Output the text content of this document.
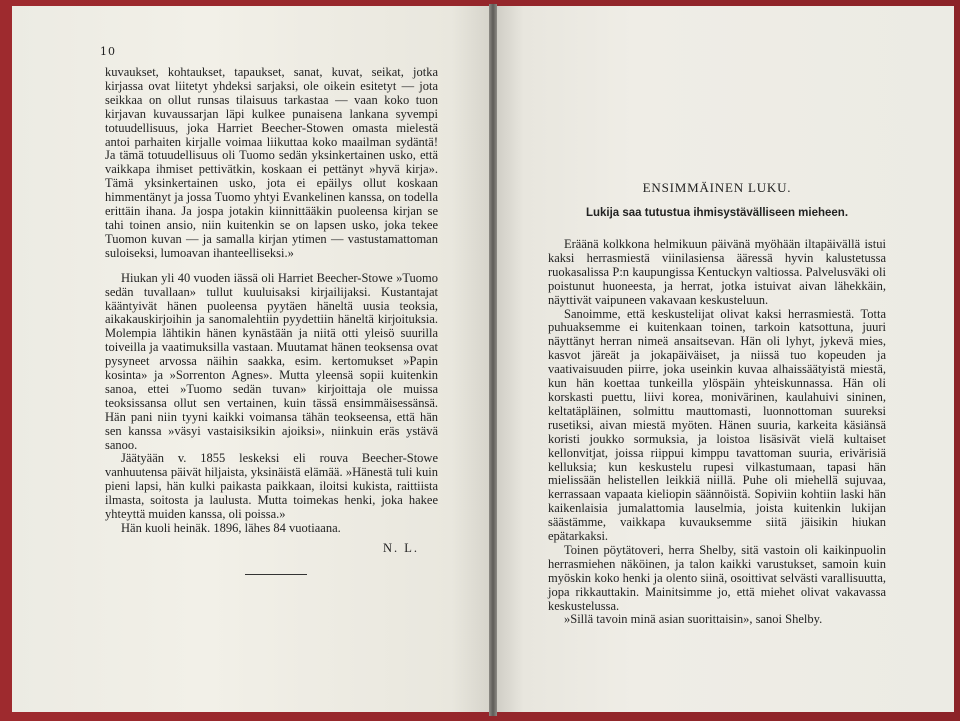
10

kuvaukset, kohtaukset, tapaukset, sanat, kuvat, seikat, jotka kirjassa ovat liitetyt yhdeksi sarjaksi, ole oikein esitetyt — jota seikkaa on ollut runsas tilaisuus tarkastaa — vaan koko tuon kirjavan kuvaussarjan läpi kulkee punaisena lankana syvempi totuudellisuus, joka Harriet Beecher-Stowen omasta mielestä antoi parhaiten kirjalle voimaa liikuttaa koko maailman sydäntä! Ja tämä totuudellisuus oli Tuomo sedän yksinkertainen usko, että vaikkapa ihmiset pettivätkin, koskaan ei pettänyt »hyvä kirja». Tämä yksinkertainen usko, jota ei epäilys ollut koskaan himmentänyt ja jossa Tuomo yhtyi Evankelinen kanssa, on todella erittäin ihana. Ja jospa jotakin kiinnittääkin puoleensa kirjan se tahi toinen ansio, niin kuitenkin se on lapsen usko, joka tekee Tuomon kuvan — ja samalla kirjan ytimen — vastustamattoman suloiseksi, lumoavan ihanteelliseksi.»

Hiukan yli 40 vuoden iässä oli Harriet Beecher-Stowe »Tuomo sedän tuvallaan» tullut kuuluisaksi kirjailijaksi. Kustantajat kääntyivät hänen puoleensa pyytäen häneltä uusia teoksia, aikakauskirjoihin ja sanomalehtiin pyydettiin häneltä kirjoituksia. Molempia lähtikin hänen kynästään ja niitä otti yleisö suurilla toiveilla ja vaatimuksilla vastaan. Muutamat hänen teoksensa ovat pysyneet arvossa näihin saakka, esim. kertomukset »Papin kosinta» ja »Sorrenton Agnes». Mutta yleensä sopii kuitenkin sanoa, ettei »Tuomo sedän tuvan» kirjoittaja ole muissa teoksissansa ollut sen vertainen, kuin tässä ensimmäisessänsä. Hän pani niin tyyni kaikki voimansa tähän teokseensa, että hän sen kanssa »väsyi vastaisiksikin ajoiksi», niinkuin eräs ystävä sanoo.

Jäätyään v. 1855 leskeksi eli rouva Beecher-Stowe vanhuutensa päivät hiljaista, yksinäistä elämää. »Hänestä tuli kuin pieni lapsi, hän kulki paikasta paikkaan, iloitsi kukista, raittiista ilmasta, soitosta ja laulusta. Mutta toimekas henki, joka hakee yhteyttä muiden kanssa, oli poissa.»

Hän kuoli heinäk. 1896, lähes 84 vuotiaana.

N. L.
ENSIMMÄINEN LUKU.
Lukija saa tutustua ihmisystävälliseen mieheen.

Eräänä kolkkona helmikuun päivänä myöhään iltapäivällä istui kaksi herrasmiestä viinilasiensa ääressä hyvin kalustetussa ruokasalissa P:n kaupungissa Kentuckyn valtiossa. Palvelusväki oli poistunut huoneesta, ja herrat, jotka istuivat aivan lähekkäin, näyttivät vaipuneen vakavaan keskusteluun.

Sanoimme, että keskustelijat olivat kaksi herrasmiestä. Totta puhuaksemme ei kuitenkaan toinen, tarkoin katsottuna, juuri näyttänyt herran nimeä ansaitsevan. Hän oli lyhyt, jykevä mies, kasvot järeät ja jokapäiväiset, ja niissä tuo kopeuden ja vaativaisuuden piirre, joka useinkin kuvaa alhaissäätyistä miestä, kun hän koettaa tunkeilla ylöspäin yhteiskunnassa. Hän oli korskasti puettu, liivi korea, monivärinen, kaulahuivi sininen, keltatäpläinen, solmittu mauttomasti, luonnottoman suureksi rusetiksi, aivan miestä myöten. Hänen suuria, karkeita käsiänsä koristi joukko sormuksia, ja loistoa lisäsivät vielä kultaiset kellonvitjat, joissa riippui kimppu tavattoman suuria, erivärisiä kelluksia; kun keskustelu rupesi vilkastumaan, tapasi hän mielissään helistellen leikkiä niillä. Puhe oli miehellä sujuvaa, kerrassaan vapaata kieliopin säännöistä. Sopiviin kohtiin laski hän kaikenlaisia jumalattomia lauselmia, joista kuitenkin lukijan säästämme, vaikkapa kuvauksemme siitä jäisikin hiukan epätarkaksi.

Toinen pöytätoveri, herra Shelby, sitä vastoin oli kaikinpuolin herrasmiehen näköinen, ja talon kaikki varustukset, samoin kuin myöskin koko henki ja olento siinä, osoittivat selvästi varallisuutta, jopa rikkauttakin. Mainitsimme jo, että miehet olivat vakavassa keskustelussa.

»Sillä tavoin minä asian suorittaisin», sanoi Shelby.
